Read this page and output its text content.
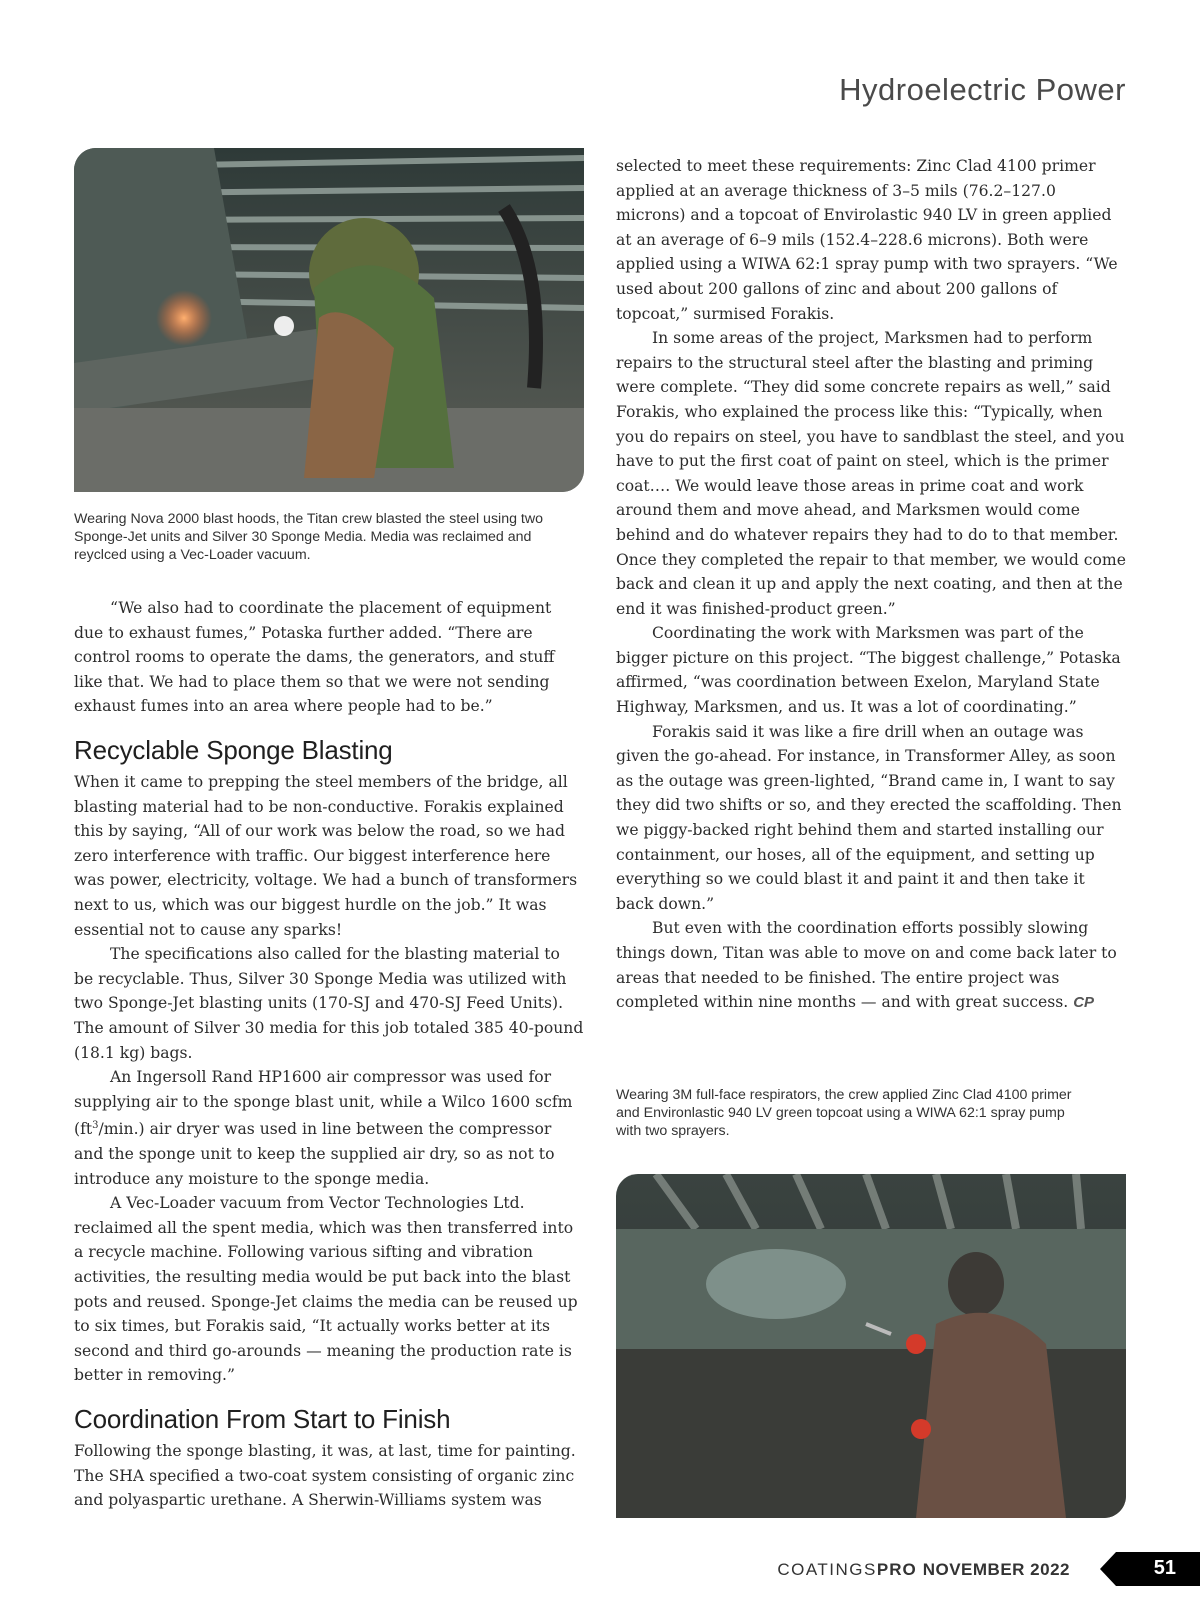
Hydroelectric Power

Wearing Nova 2000 blast hoods, the Titan crew blasted the steel using two Sponge-Jet units and Silver 30 Sponge Media. Media was reclaimed and reyclced using a Vec-Loader vacuum.

“We also had to coordinate the placement of equipment due to exhaust fumes,” Potaska further added. “There are control rooms to operate the dams, the generators, and stuff like that. We had to place them so that we were not sending exhaust fumes into an area where people had to be.”

Recyclable Sponge Blasting

When it came to prepping the steel members of the bridge, all blasting material had to be non-conductive. Forakis explained this by saying, “All of our work was below the road, so we had zero interference with traffic. Our biggest interference here was power, electricity, voltage. We had a bunch of transformers next to us, which was our biggest hurdle on the job.” It was essential not to cause any sparks!

The specifications also called for the blasting material to be recyclable. Thus, Silver 30 Sponge Media was utilized with two Sponge-Jet blasting units (170-SJ and 470-SJ Feed Units). The amount of Silver 30 media for this job totaled 385 40-pound (18.1 kg) bags.

An Ingersoll Rand HP1600 air compressor was used for supplying air to the sponge blast unit, while a Wilco 1600 scfm $(ft^3/\min.)$ air dryer was used in line between the compressor and the sponge unit to keep the supplied air dry, so as not to introduce any moisture to the sponge media.

A Vec-Loader vacuum from Vector Technologies Ltd. reclaimed all the spent media, which was then transferred into a recycle machine. Following various sifting and vibration activities, the resulting media would be put back into the blast pots and reused. Sponge-Jet claims the media can be reused up to six times, but Forakis said, “It actually works better at its second and third go-arounds — meaning the production rate is better in removing.”

Coordination From Start to Finish

Following the sponge blasting, it was, at last, time for painting. The SHA specified a two-coat system consisting of organic zinc and polyaspartic urethane. A Sherwin-Williams system was

selected to meet these requirements: Zinc Clad 4100 primer applied at an average thickness of 3–5 mils (76.2–127.0 microns) and a topcoat of Envirolastic 940 LV in green applied at an average of 6–9 mils (152.4–228.6 microns). Both were applied using a WIWA 62:1 spray pump with two sprayers. “We used about 200 gallons of zinc and about 200 gallons of topcoat,” surmised Forakis.

In some areas of the project, Marksmen had to perform repairs to the structural steel after the blasting and priming were complete. “They did some concrete repairs as well,” said Forakis, who explained the process like this: “Typically, when you do repairs on steel, you have to sandblast the steel, and you have to put the first coat of paint on steel, which is the primer coat…. We would leave those areas in prime coat and work around them and move ahead, and Marksmen would come behind and do whatever repairs they had to do to that member. Once they completed the repair to that member, we would come back and clean it up and apply the next coating, and then at the end it was finished-product green.”

Coordinating the work with Marksmen was part of the bigger picture on this project. “The biggest challenge,” Potaska affirmed, “was coordination between Exelon, Maryland State Highway, Marksmen, and us. It was a lot of coordinating.”

Forakis said it was like a fire drill when an outage was given the go-ahead. For instance, in Transformer Alley, as soon as the outage was green-lighted, “Brand came in, I want to say they did two shifts or so, and they erected the scaffolding. Then we piggy-backed right behind them and started installing our containment, our hoses, all of the equipment, and setting up everything so we could blast it and paint it and then take it back down.”

But even with the coordination efforts possibly slowing things down, Titan was able to move on and come back later to areas that needed to be finished. The entire project was completed within nine months — and with great success. CP

Wearing 3M full-face respirators, the crew applied Zinc Clad 4100 primer and Environlastic 940 LV green topcoat using a WIWA 62:1 spray pump with two sprayers.

COATINGSPRO NOVEMBER 2022	51
